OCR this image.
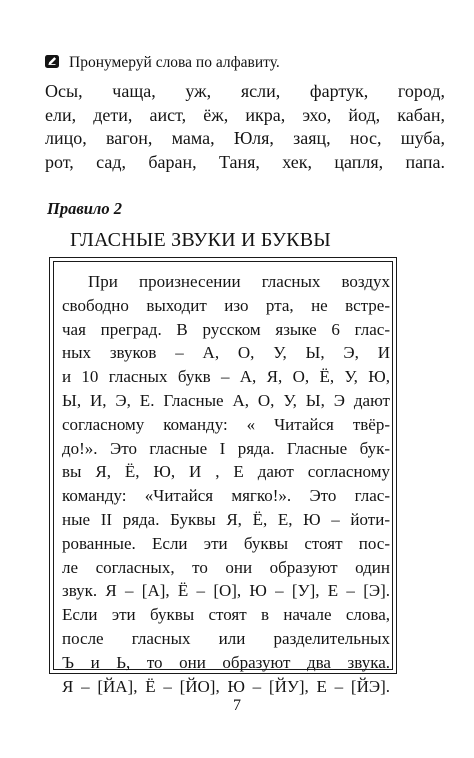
Пронумеруй слова по алфавиту.
Осы, чаща, уж, ясли, фартук, город,
ели, дети, аист, ёж, икра, эхо, йод, кабан,
лицо, вагон, мама, Юля, заяц, нос, шуба,
рот, сад, баран, Таня, хек, цапля, папа.
Правило 2
ГЛАСНЫЕ ЗВУКИ И БУКВЫ
При произнесении гласных воздух
свободно выходит изо рта, не встре-
чая преград. В русском языке 6 глас-
ных звуков – А, О, У, Ы, Э, И
и 10 гласных букв – А, Я, О, Ё, У, Ю,
Ы, И, Э, Е. Гласные А, О, У, Ы, Э дают
согласному команду: « Читайся твёр-
до!». Это гласные I ряда. Гласные бук-
вы Я, Ё, Ю, И , Е дают согласному
команду: «Читайся мягко!». Это глас-
ные II ряда. Буквы Я, Ё, Е, Ю – йоти-
рованные. Если эти буквы стоят пос-
ле согласных, то они образуют один
звук. Я – [А], Ё – [О], Ю – [У], Е – [Э].
Если эти буквы стоят в начале слова,
после гласных или разделительных
Ъ и Ь, то они образуют два звука.
Я – [ЙА], Ё – [ЙО], Ю – [ЙУ], Е – [ЙЭ].
7
